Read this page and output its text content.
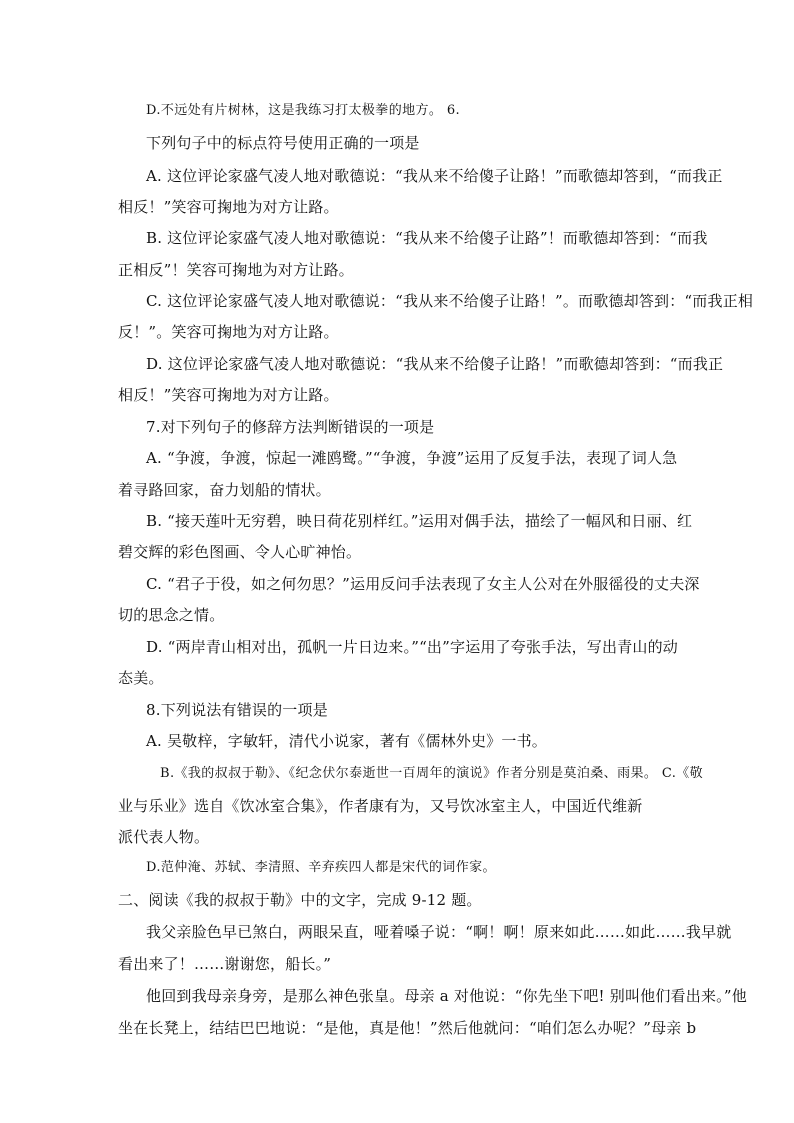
D.不远处有片树林，这是我练习打太极拳的地方。 6.
下列句子中的标点符号使用正确的一项是
A. 这位评论家盛气凌人地对歌德说：“我从来不给傻子让路！”而歌德却答到，“而我正
相反！”笑容可掬地为对方让路。
B. 这位评论家盛气凌人地对歌德说：“我从来不给傻子让路”！而歌德却答到：“而我
正相反”！笑容可掬地为对方让路。
C. 这位评论家盛气凌人地对歌德说：“我从来不给傻子让路！”。而歌德却答到：“而我正相
反！”。笑容可掬地为对方让路。
D. 这位评论家盛气凌人地对歌德说：“我从来不给傻子让路！”而歌德却答到：“而我正
相反！”笑容可掬地为对方让路。
7.对下列句子的修辞方法判断错误的一项是
A. “争渡，争渡，惊起一滩鸥鹭。”“争渡，争渡”运用了反复手法，表现了词人急
着寻路回家，奋力划船的情状。
B. “接天莲叶无穷碧，映日荷花别样红。”运用对偶手法，描绘了一幅风和日丽、红
碧交辉的彩色图画、令人心旷神怡。
C. “君子于役，如之何勿思？”运用反问手法表现了女主人公对在外服徭役的丈夫深
切的思念之情。
D. “两岸青山相对出，孤帆一片日边来。”“出”字运用了夸张手法，写出青山的动
态美。
8.下列说法有错误的一项是
A. 吴敬梓，字敏轩，清代小说家，著有《儒林外史》一书。
B.《我的叔叔于勒》、《纪念伏尔泰逝世一百周年的演说》作者分别是莫泊桑、雨果。 C.《敬
业与乐业》选自《饮冰室合集》，作者康有为，又号饮冰室主人，中国近代维新
派代表人物。
D.范仲淹、苏轼、李清照、辛弃疾四人都是宋代的词作家。
二、阅读《我的叔叔于勒》中的文字，完成 9-12 题。
我父亲脸色早已煞白，两眼呆直，哑着嗓子说：“啊！啊！原来如此……如此……我早就
看出来了！……谢谢您，船长。”
他回到我母亲身旁，是那么神色张皇。母亲 a 对他说：“你先坐下吧! 别叫他们看出来。”他
坐在长凳上，结结巴巴地说：“是他，真是他！”然后他就问：“咱们怎么办呢？”母亲 b
